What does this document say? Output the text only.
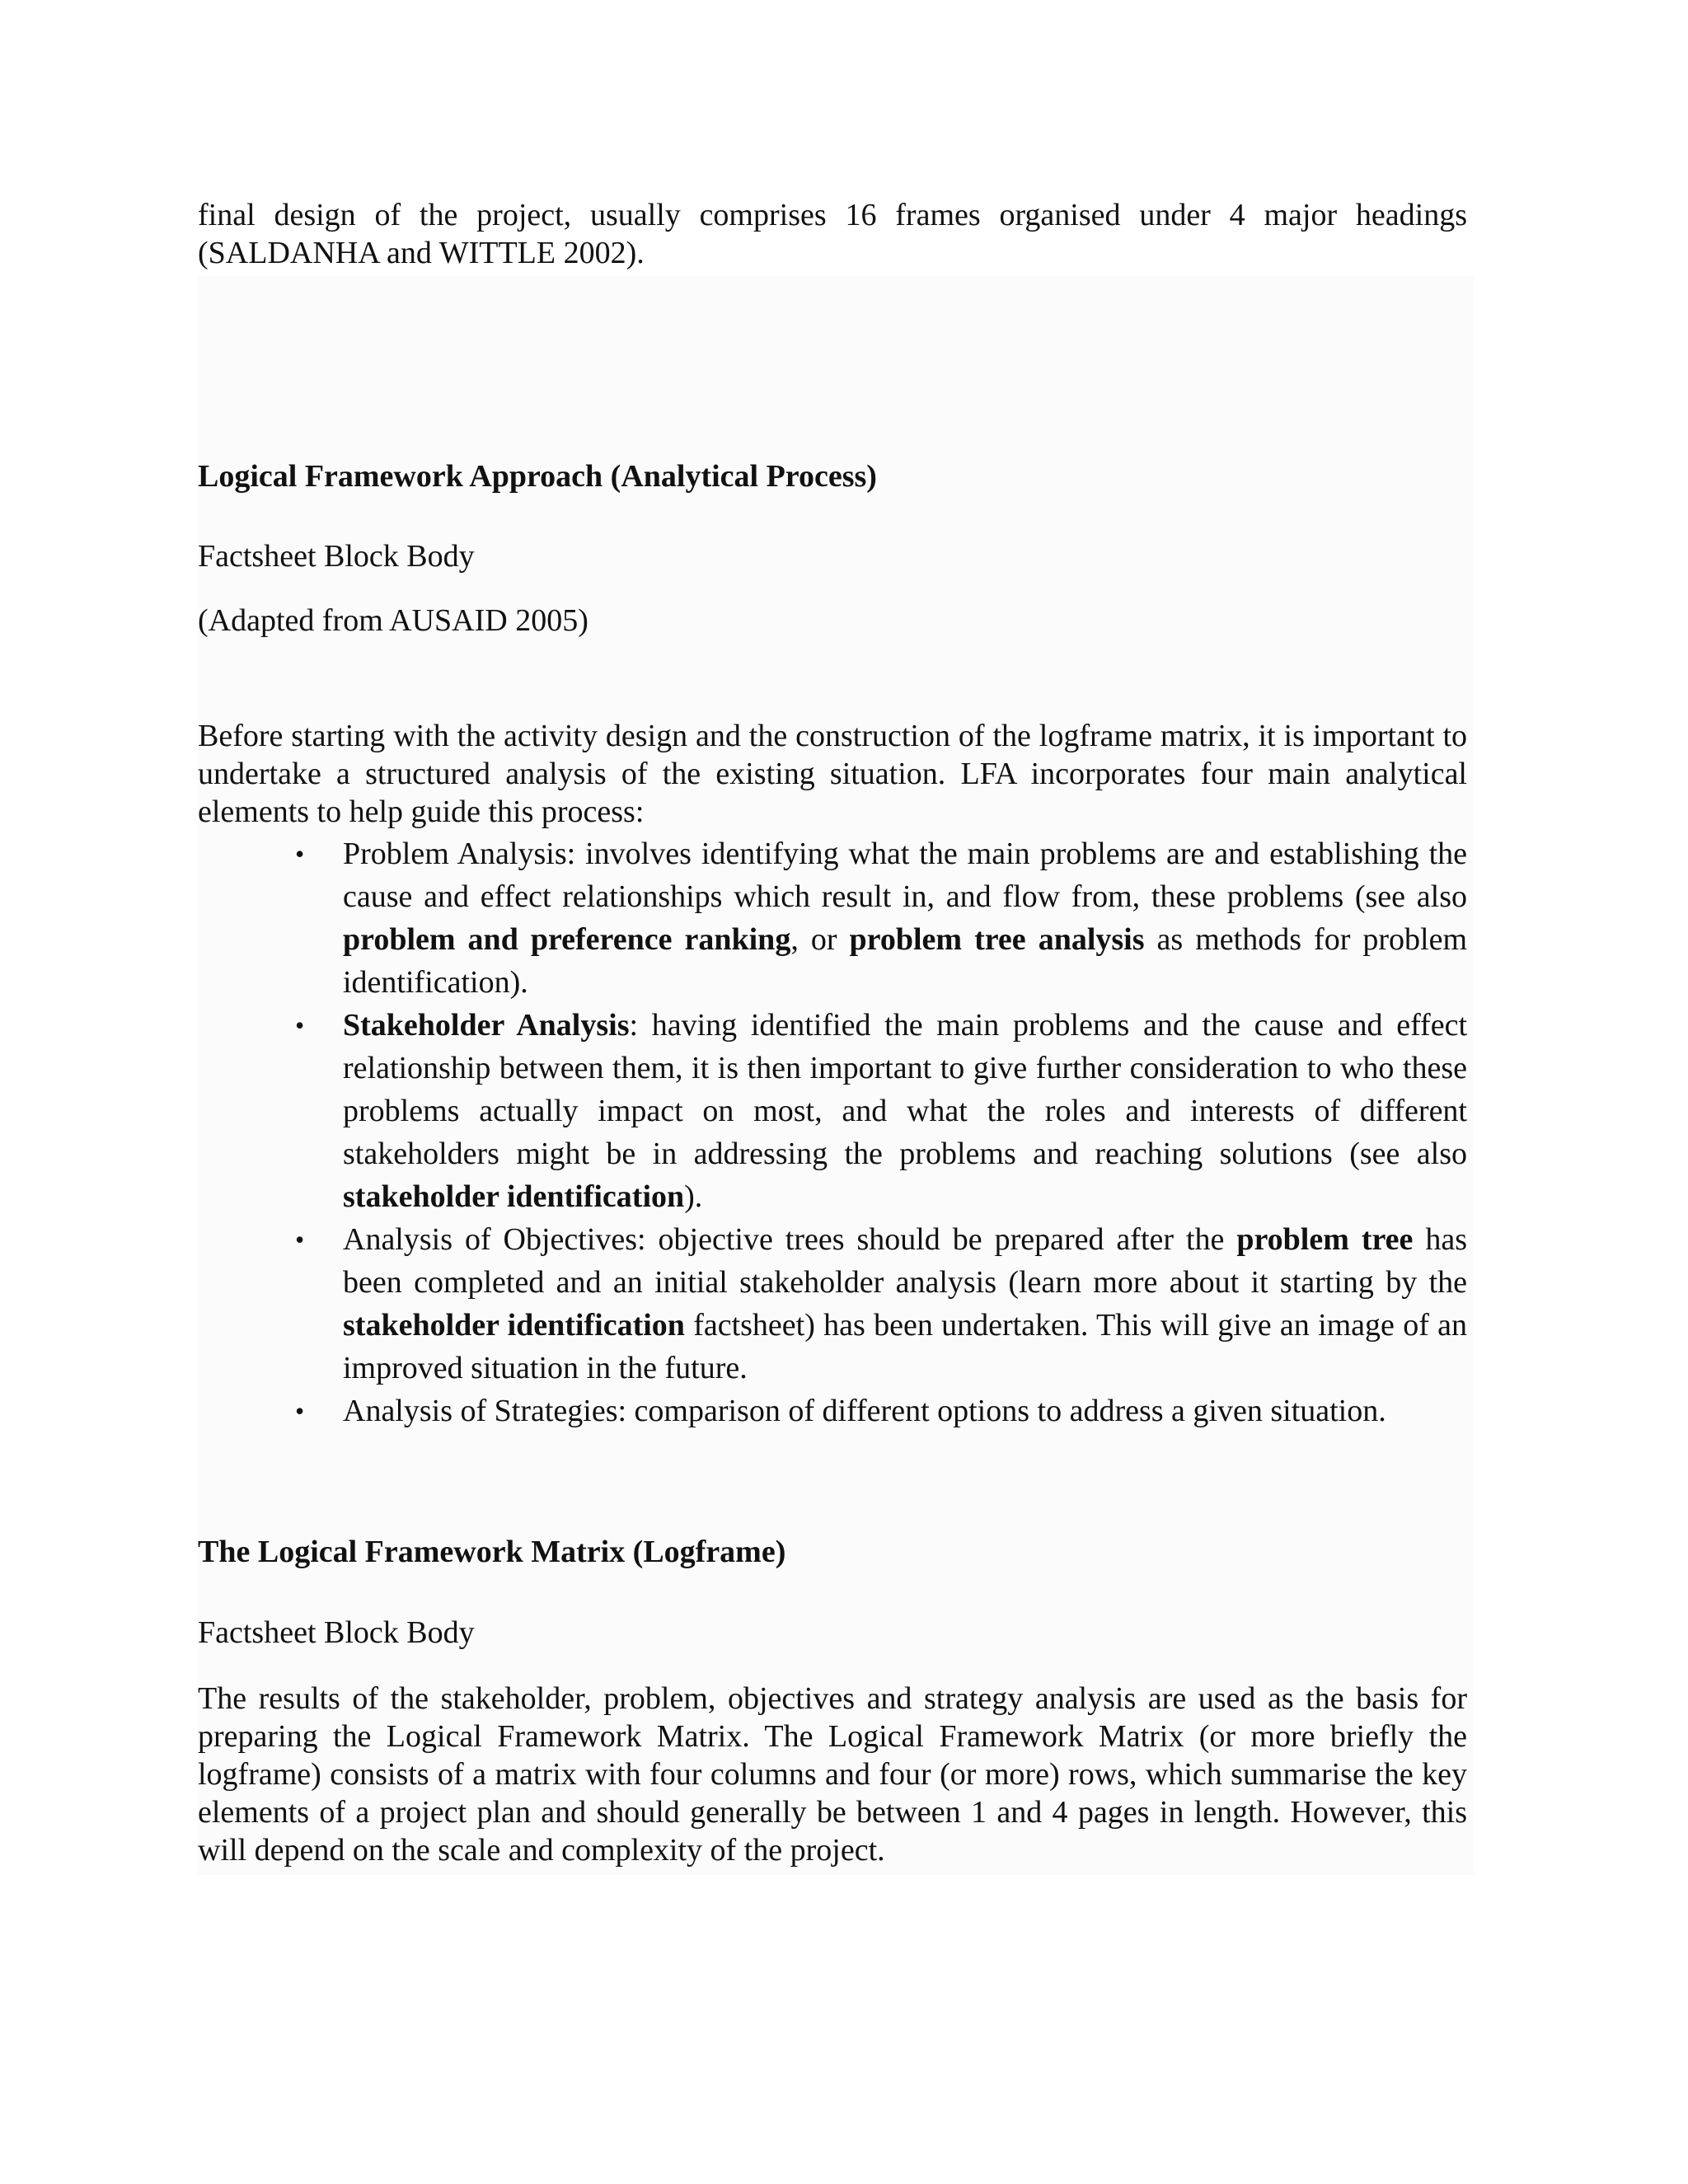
final design of the project, usually comprises 16 frames organised under 4 major headings (SALDANHA and WITTLE 2002).

Logical Framework Approach (Analytical Process)
Factsheet Block Body
(Adapted from AUSAID 2005)

Before starting with the activity design and the construction of the logframe matrix, it is important to undertake a structured analysis of the existing situation. LFA incorporates four main analytical elements to help guide this process:

• Problem Analysis: involves identifying what the main problems are and establishing the cause and effect relationships which result in, and flow from, these problems (see also problem and preference ranking, or problem tree analysis as methods for problem identification).
• Stakeholder Analysis: having identified the main problems and the cause and effect relationship between them, it is then important to give further consideration to who these problems actually impact on most, and what the roles and interests of different stakeholders might be in addressing the problems and reaching solutions (see also stakeholder identification).
• Analysis of Objectives: objective trees should be prepared after the problem tree has been completed and an initial stakeholder analysis (learn more about it starting by the stakeholder identification factsheet) has been undertaken. This will give an image of an improved situation in the future.
• Analysis of Strategies: comparison of different options to address a given situation.
The Logical Framework Matrix (Logframe)
Factsheet Block Body

The results of the stakeholder, problem, objectives and strategy analysis are used as the basis for preparing the Logical Framework Matrix. The Logical Framework Matrix (or more briefly the logframe) consists of a matrix with four columns and four (or more) rows, which summarise the key elements of a project plan and should generally be between 1 and 4 pages in length. However, this will depend on the scale and complexity of the project.
